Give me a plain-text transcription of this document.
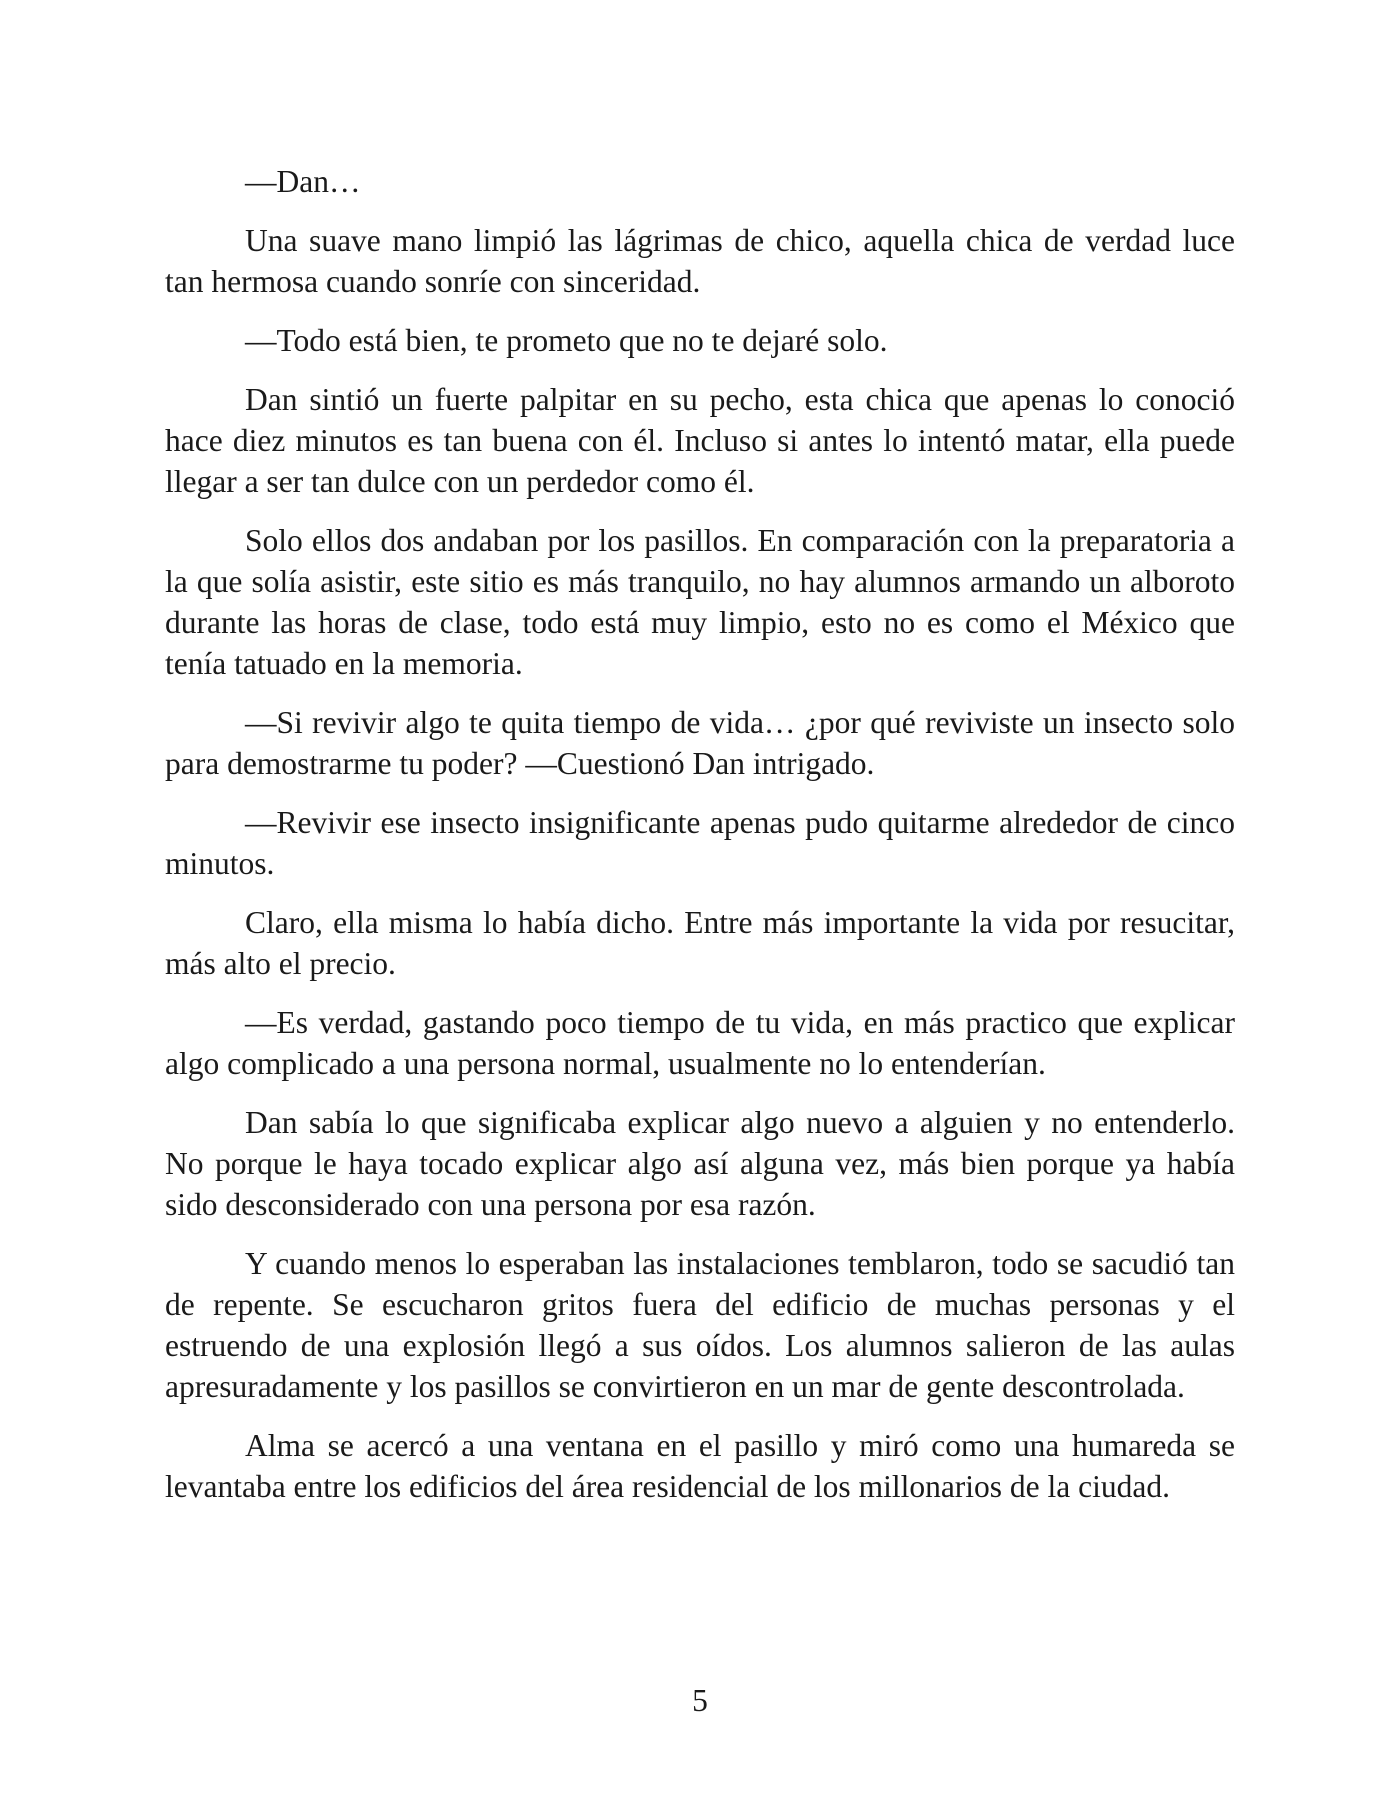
—Dan…

Una suave mano limpió las lágrimas de chico, aquella chica de verdad luce tan hermosa cuando sonríe con sinceridad.

—Todo está bien, te prometo que no te dejaré solo.

Dan sintió un fuerte palpitar en su pecho, esta chica que apenas lo conoció hace diez minutos es tan buena con él. Incluso si antes lo intentó matar, ella puede llegar a ser tan dulce con un perdedor como él.

Solo ellos dos andaban por los pasillos. En comparación con la preparatoria a la que solía asistir, este sitio es más tranquilo, no hay alumnos armando un alboroto durante las horas de clase, todo está muy limpio, esto no es como el México que tenía tatuado en la memoria.

—Si revivir algo te quita tiempo de vida… ¿por qué reviviste un insecto solo para demostrarme tu poder? —Cuestionó Dan intrigado.

—Revivir ese insecto insignificante apenas pudo quitarme alrededor de cinco minutos.

Claro, ella misma lo había dicho. Entre más importante la vida por resucitar, más alto el precio.

—Es verdad, gastando poco tiempo de tu vida, en más practico que explicar algo complicado a una persona normal, usualmente no lo entenderían.

Dan sabía lo que significaba explicar algo nuevo a alguien y no entenderlo. No porque le haya tocado explicar algo así alguna vez, más bien porque ya había sido desconsiderado con una persona por esa razón.

Y cuando menos lo esperaban las instalaciones temblaron, todo se sacudió tan de repente. Se escucharon gritos fuera del edificio de muchas personas y el estruendo de una explosión llegó a sus oídos. Los alumnos salieron de las aulas apresuradamente y los pasillos se convirtieron en un mar de gente descontrolada.

Alma se acercó a una ventana en el pasillo y miró como una humareda se levantaba entre los edificios del área residencial de los millonarios de la ciudad.

5
